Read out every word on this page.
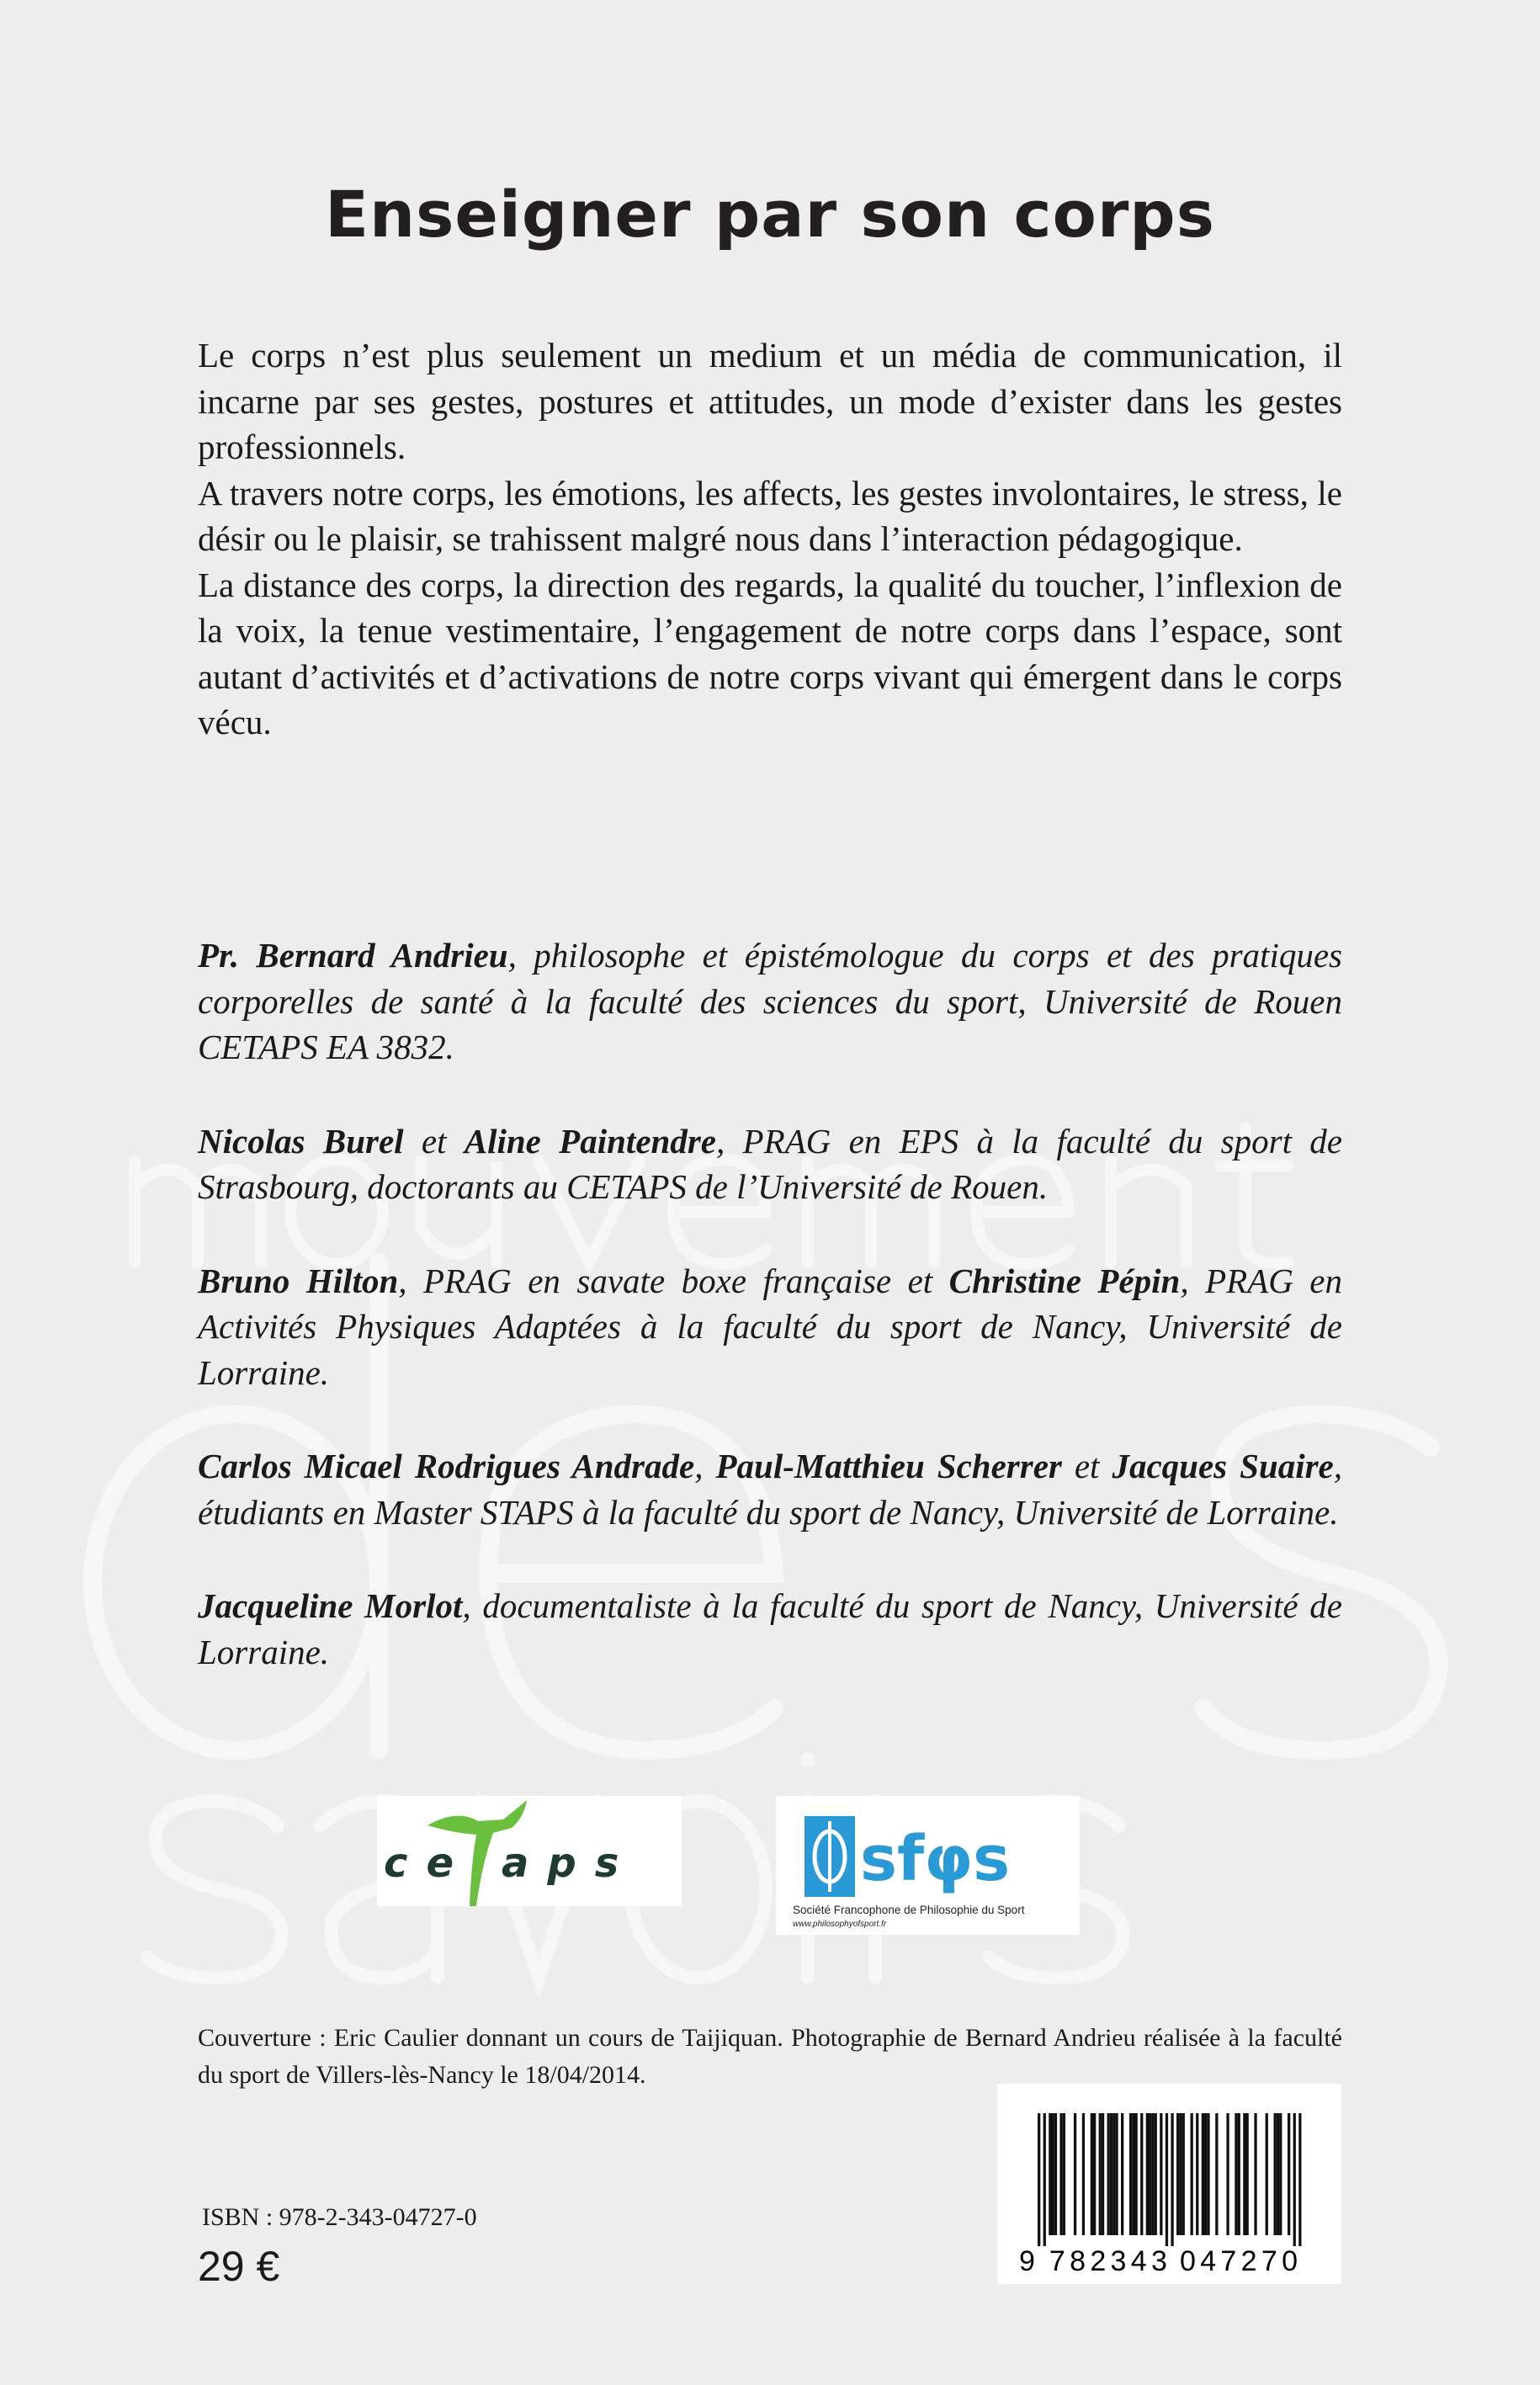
Enseigner par son corps

Le corps n’est plus seulement un medium et un média de communication, il incarne par ses gestes, postures et attitudes, un mode d’exister dans les gestes professionnels.

A travers notre corps, les émotions, les affects, les gestes involontaires, le stress, le désir ou le plaisir, se trahissent malgré nous dans l’interaction pédagogique.

La distance des corps, la direction des regards, la qualité du toucher, l’inflexion de la voix, la tenue vestimentaire, l’engagement de notre corps dans l’espace, sont autant d’activités et d’activations de notre corps vivant qui émergent dans le corps vécu.

Pr. Bernard Andrieu, philosophe et épistémologue du corps et des pratiques corporelles de santé à la faculté des sciences du sport, Université de Rouen CETAPS EA 3832.

Nicolas Burel et Aline Paintendre, PRAG en EPS à la faculté du sport de Strasbourg, doctorants au CETAPS de l’Université de Rouen.

Bruno Hilton, PRAG en savate boxe française et Christine Pépin, PRAG en Activités Physiques Adaptées à la faculté du sport de Nancy, Université de Lorraine.

Carlos Micael Rodrigues Andrade, Paul-Matthieu Scherrer et Jacques Suaire, étudiants en Master STAPS à la faculté du sport de Nancy, Université de Lorraine.

Jacqueline Morlot, documentaliste à la faculté du sport de Nancy, Université de Lorraine.

ce aps	sfφs
Société Francophone de Philosophie du Sport
www.philosophyofsport.fr
Couverture : Eric Caulier donnant un cours de Taijiquan. Photographie de Bernard Andrieu réalisée à la faculté du sport de Villers-lès-Nancy le 18/04/2014.
ISBN : 978-2-343-04727-0
29 €	9 782343 047270
